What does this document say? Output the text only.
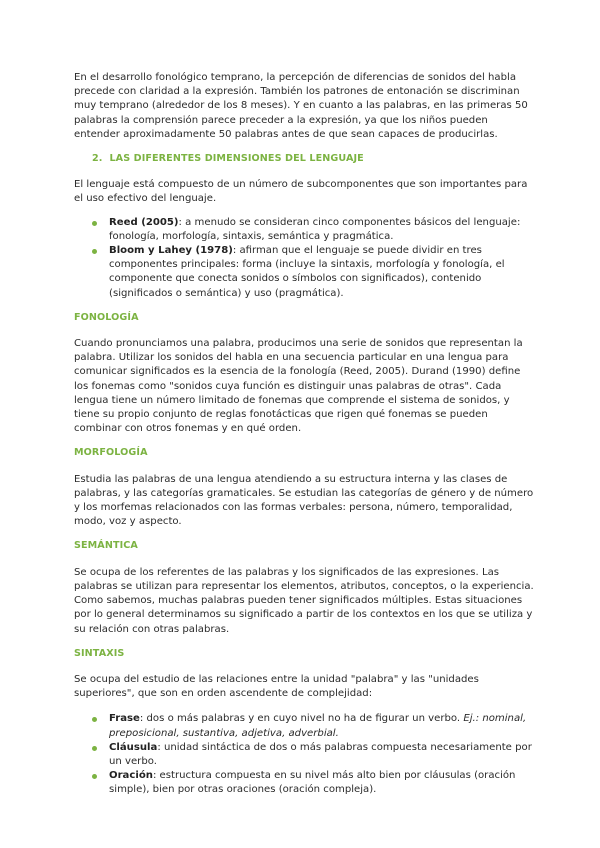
En el desarrollo fonológico temprano, la percepción de diferencias de sonidos del habla precede con claridad a la expresión. También los patrones de entonación se discriminan muy temprano (alrededor de los 8 meses). Y en cuanto a las palabras, en las primeras 50 palabras la comprensión parece preceder a la expresión, ya que los niños pueden entender aproximadamente 50 palabras antes de que sean capaces de producirlas.

2. LAS DIFERENTES DIMENSIONES DEL LENGUAJE

El lenguaje está compuesto de un número de subcomponentes que son importantes para el uso efectivo del lenguaje.

Reed (2005): a menudo se consideran cinco componentes básicos del lenguaje: fonología, morfología, sintaxis, semántica y pragmática.
Bloom y Lahey (1978): afirman que el lenguaje se puede dividir en tres componentes principales: forma (incluye la sintaxis, morfología y fonología, el componente que conecta sonidos o símbolos con significados), contenido (significados o semántica) y uso (pragmática).
FONOLOGÍA

Cuando pronunciamos una palabra, producimos una serie de sonidos que representan la palabra. Utilizar los sonidos del habla en una secuencia particular en una lengua para comunicar significados es la esencia de la fonología (Reed, 2005). Durand (1990) define los fonemas como "sonidos cuya función es distinguir unas palabras de otras". Cada lengua tiene un número limitado de fonemas que comprende el sistema de sonidos, y tiene su propio conjunto de reglas fonotácticas que rigen qué fonemas se pueden combinar con otros fonemas y en qué orden.

MORFOLOGÍA

Estudia las palabras de una lengua atendiendo a su estructura interna y las clases de palabras, y las categorías gramaticales. Se estudian las categorías de género y de número y los morfemas relacionados con las formas verbales: persona, número, temporalidad, modo, voz y aspecto.

SEMÁNTICA

Se ocupa de los referentes de las palabras y los significados de las expresiones. Las palabras se utilizan para representar los elementos, atributos, conceptos, o la experiencia. Como sabemos, muchas palabras pueden tener significados múltiples. Estas situaciones por lo general determinamos su significado a partir de los contextos en los que se utiliza y su relación con otras palabras.

SINTAXIS

Se ocupa del estudio de las relaciones entre la unidad "palabra" y las "unidades superiores", que son en orden ascendente de complejidad:

Frase: dos o más palabras y en cuyo nivel no ha de figurar un verbo. Ej.: nominal, preposicional, sustantiva, adjetiva, adverbial.
Cláusula: unidad sintáctica de dos o más palabras compuesta necesariamente por un verbo.
Oración: estructura compuesta en su nivel más alto bien por cláusulas (oración simple), bien por otras oraciones (oración compleja).
